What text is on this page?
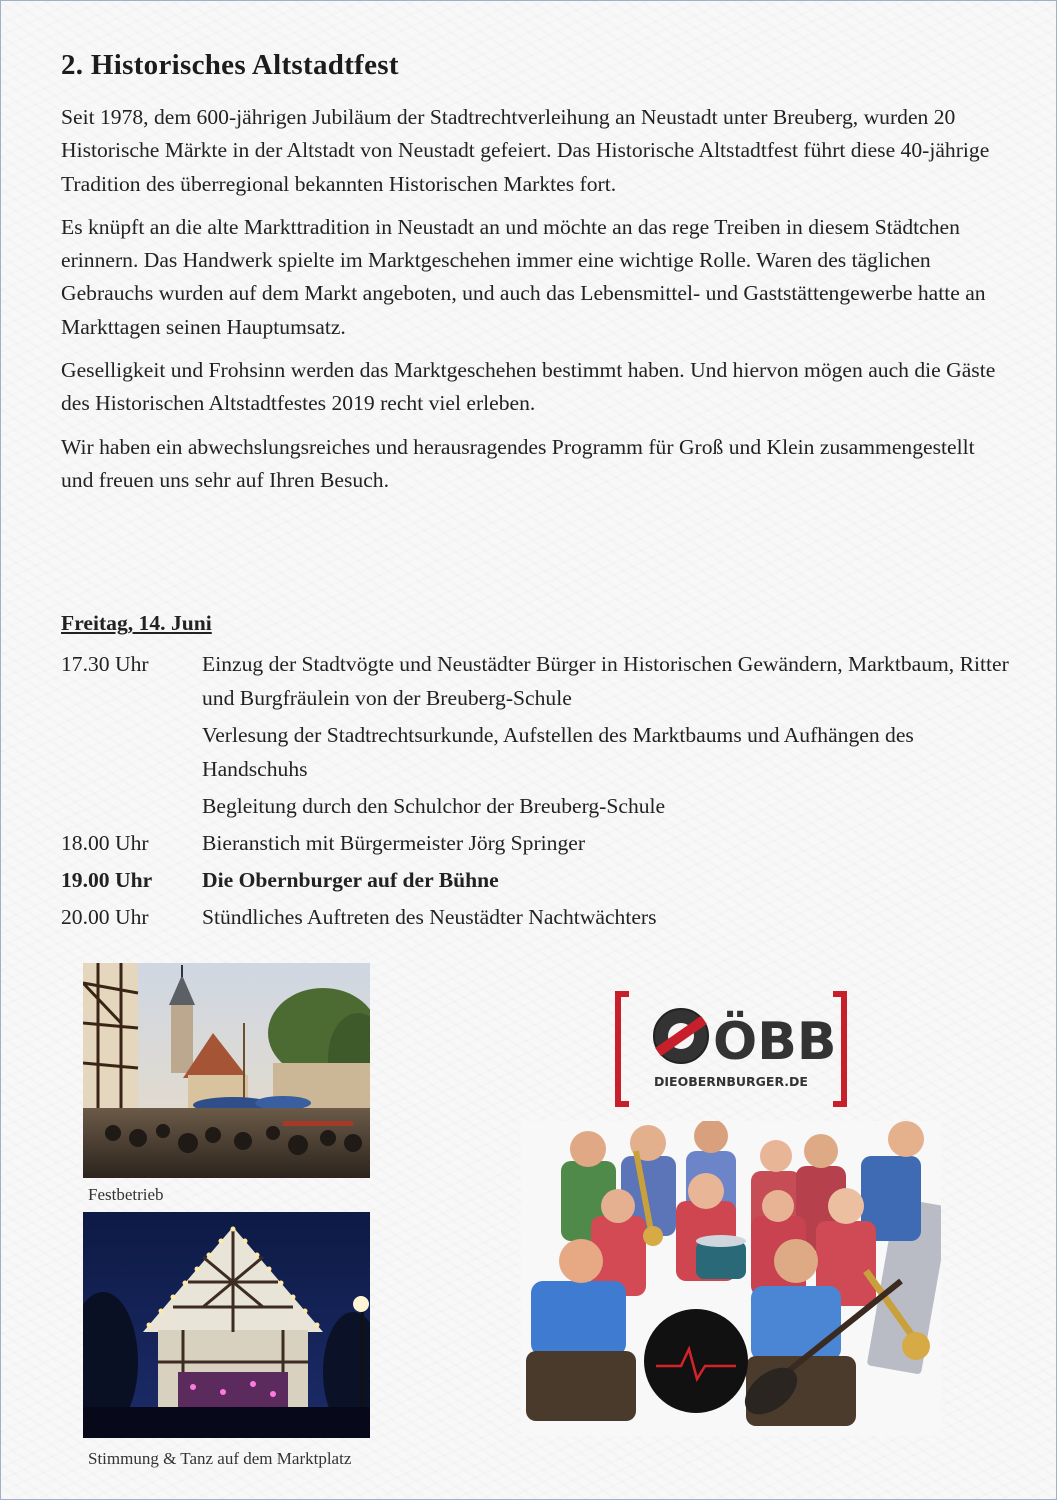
2. Historisches Altstadtfest

Seit 1978, dem 600-jährigen Jubiläum der Stadtrechtverleihung an Neustadt unter Breuberg, wurden 20 Historische Märkte in der Altstadt von Neustadt gefeiert. Das Historische Altstadtfest führt diese 40-jährige Tradition des überregional bekannten Historischen Marktes fort.

Es knüpft an die alte Markttradition in Neustadt an und möchte an das rege Treiben in diesem Städtchen erinnern. Das Handwerk spielte im Marktgeschehen immer eine wichtige Rolle. Waren des täglichen Gebrauchs wurden auf dem Markt angeboten, und auch das Lebensmittel- und Gaststättengewerbe hatte an Markttagen seinen Hauptumsatz.

Geselligkeit und Frohsinn werden das Marktgeschehen bestimmt haben. Und hiervon mögen auch die Gäste des Historischen Altstadtfestes 2019 recht viel erleben.

Wir haben ein abwechslungsreiches und herausragendes Programm für Groß und Klein zusammengestellt und freuen uns sehr auf Ihren Besuch.

Freitag, 14. Juni
17.30 Uhr	Einzug der Stadtvögte und Neustädter Bürger in Historischen Gewändern, Marktbaum, Ritter und Burgfräulein von der Breuberg-Schule
Verlesung der Stadtrechtsurkunde, Aufstellen des Marktbaums und Aufhängen des Handschuhs
Begleitung durch den Schulchor der Breuberg-Schule
18.00 Uhr	Bieranstich mit Bürgermeister Jörg Springer
19.00 Uhr	Die Obernburger auf der Bühne
20.00 Uhr	Stündliches Auftreten des Neustädter Nachtwächters
Festbetrieb
Stimmung & Tanz auf dem Marktplatz
ÖBB
DIEOBERNBURGER.DE
